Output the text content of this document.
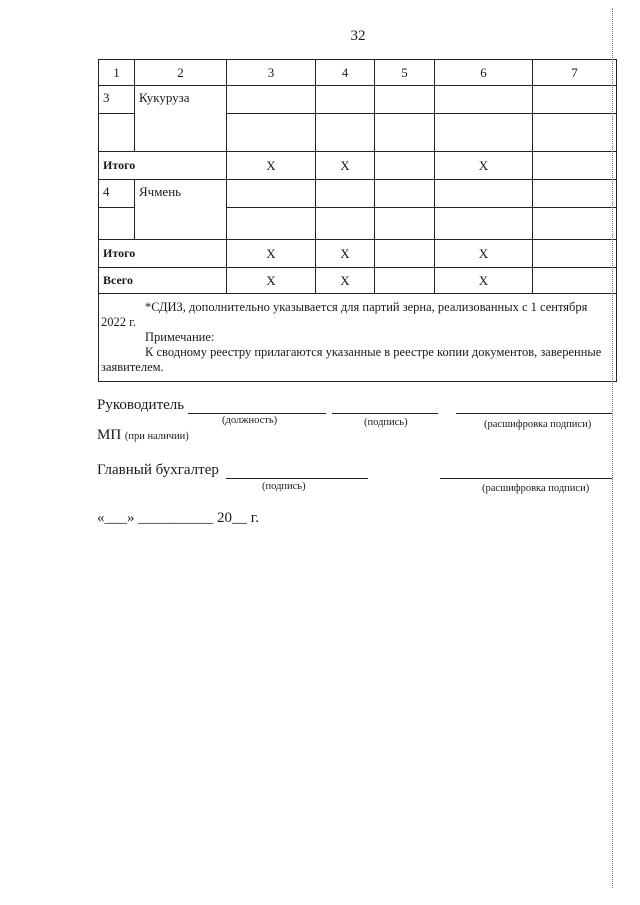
32
1	2	3	4	5	6	7
3	Кукуруза					

Итого		X	X		X	
4	Ячмень					

Итого		X	X		X	
Всего		X	X		X	

*СДИЗ, дополнительно указывается для партий зерна, реализованных с 1 сентября 2022 г.

Примечание:

К сводному реестру прилагаются указанные в реестре копии документов, заверенные заявителем.						

Руководитель
(должность)	(подпись)	(расшифровка подписи)
МП (при наличии)
Главный бухгалтер
(подпись)	(расшифровка подписи)
«___» __________ 20__ г.
